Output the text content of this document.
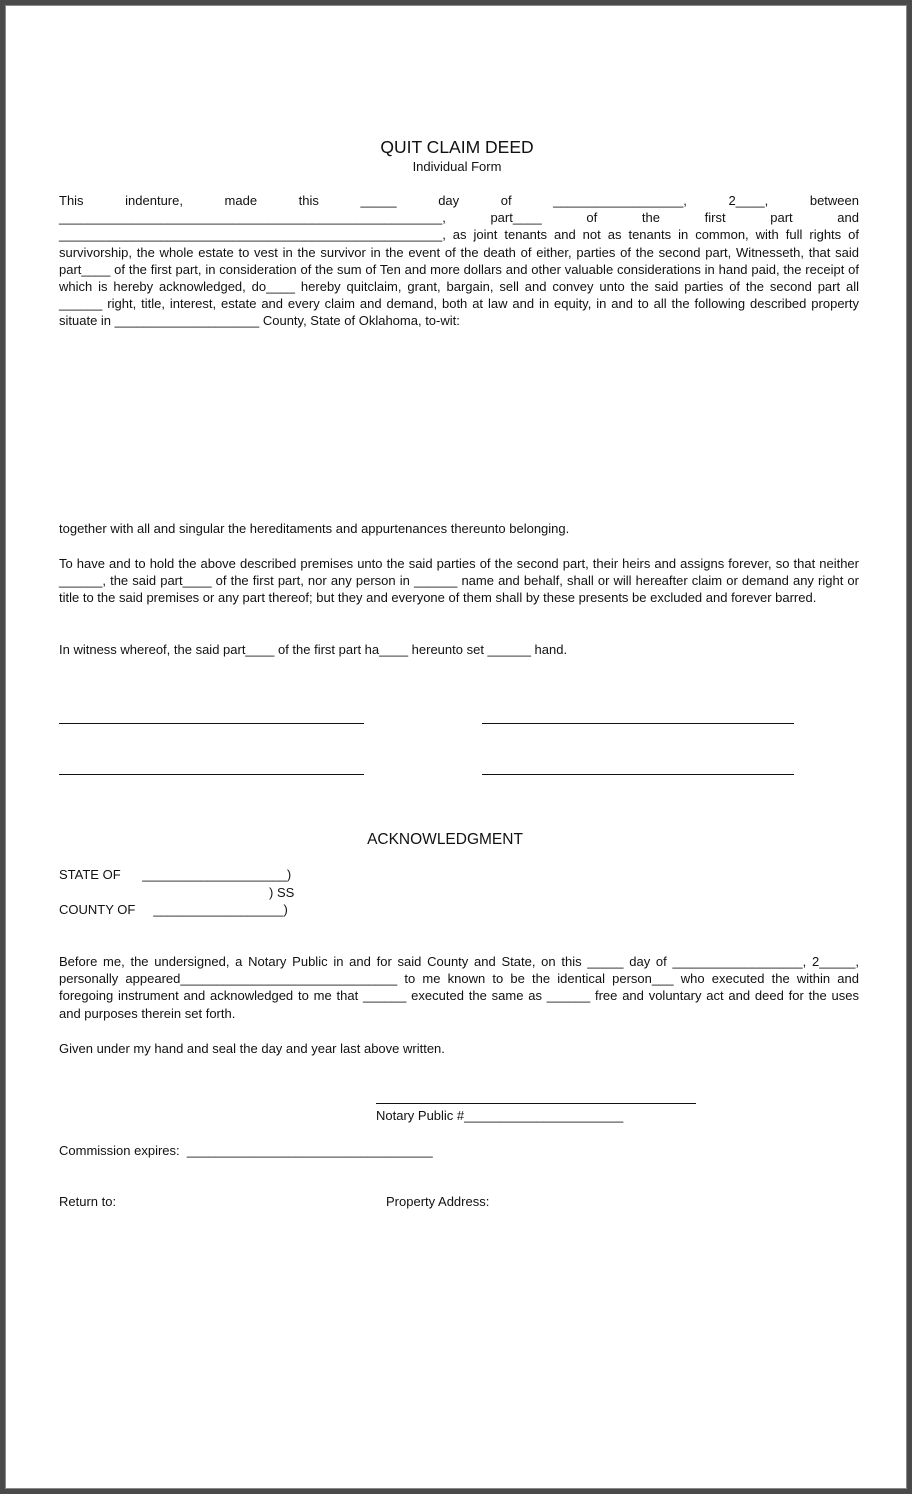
QUIT CLAIM DEED
Individual Form
This indenture, made this _____ day of __________________, 2____, between _____________________________________________________, part____ of the first part and _____________________________________________________, as joint tenants and not as tenants in common, with full rights of survivorship, the whole estate to vest in the survivor in the event of the death of either, parties of the second part, Witnesseth, that said part____ of the first part, in consideration of the sum of Ten and more dollars and other valuable considerations in hand paid, the receipt of which is hereby acknowledged, do____ hereby quitclaim, grant, bargain, sell and convey unto the said parties of the second part all ______ right, title, interest, estate and every claim and demand, both at law and in equity, in and to all the following described property situate in ____________________ County, State of Oklahoma, to-wit:
together with all and singular the hereditaments and appurtenances thereunto belonging.
To have and to hold the above described premises unto the said parties of the second part, their heirs and assigns forever, so that neither ______, the said part____ of the first part, nor any person in ______ name and behalf, shall or will hereafter claim or demand any right or title to the said premises or any part thereof; but they and everyone of them shall by these presents be excluded and forever barred.
In witness whereof, the said part____ of the first part ha____ hereunto set ______ hand.
ACKNOWLEDGMENT
STATE OF      ____________________)
) SS
COUNTY OF     __________________)
Before me, the undersigned, a Notary Public in and for said County and State, on this _____ day of __________________, 2_____, personally appeared______________________________ to me known to be the identical person___ who executed the within and foregoing instrument and acknowledged to me that ______ executed the same as ______ free and voluntary act and deed for the uses and purposes therein set forth.
Given under my hand and seal the day and year last above written.
Notary Public #______________________
Commission expires:  __________________________________
Return to:	Property Address:
